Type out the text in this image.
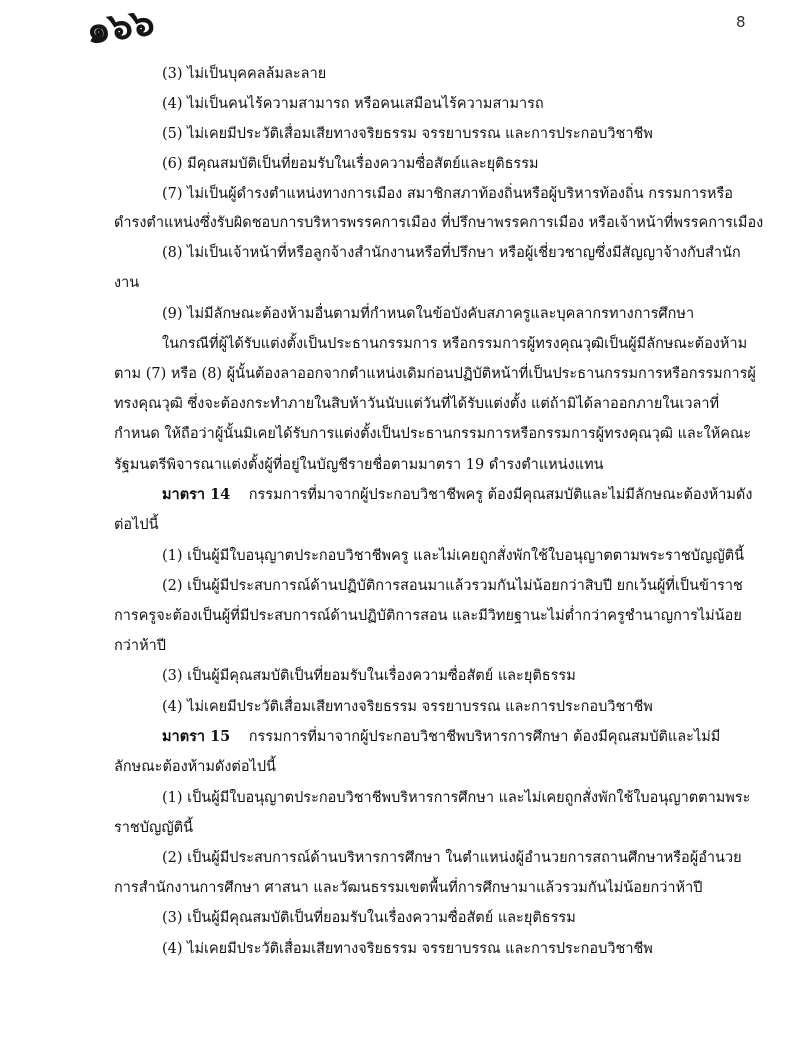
๑๖๖	8
(3) ไม่เป็นบุคคลล้มละลาย
(4) ไม่เป็นคนไร้ความสามารถ หรือคนเสมือนไร้ความสามารถ
(5) ไม่เคยมีประวัติเสื่อมเสียทางจริยธรรม จรรยาบรรณ และการประกอบวิชาชีพ
(6) มีคุณสมบัติเป็นที่ยอมรับในเรื่องความซื่อสัตย์และยุติธรรม
(7) ไม่เป็นผู้ดำรงตำแหน่งทางการเมือง สมาชิกสภาท้องถิ่นหรือผู้บริหารท้องถิ่น กรรมการหรือ
ดำรงตำแหน่งซึ่งรับผิดชอบการบริหารพรรคการเมือง ที่ปรึกษาพรรคการเมือง หรือเจ้าหน้าที่พรรคการเมือง
(8) ไม่เป็นเจ้าหน้าที่หรือลูกจ้างสำนักงานหรือที่ปรึกษา หรือผู้เชี่ยวชาญซึ่งมีสัญญาจ้างกับสำนัก
งาน
(9) ไม่มีลักษณะต้องห้ามอื่นตามที่กำหนดในข้อบังคับสภาครูและบุคลากรทางการศึกษา
ในกรณีที่ผู้ได้รับแต่งตั้งเป็นประธานกรรมการ หรือกรรมการผู้ทรงคุณวุฒิเป็นผู้มีลักษณะต้องห้าม
ตาม (7) หรือ (8) ผู้นั้นต้องลาออกจากตำแหน่งเดิมก่อนปฏิบัติหน้าที่เป็นประธานกรรมการหรือกรรมการผู้
ทรงคุณวุฒิ ซึ่งจะต้องกระทำภายในสิบห้าวันนับแต่วันที่ได้รับแต่งตั้ง แต่ถ้ามิได้ลาออกภายในเวลาที่
กำหนด ให้ถือว่าผู้นั้นมิเคยได้รับการแต่งตั้งเป็นประธานกรรมการหรือกรรมการผู้ทรงคุณวุฒิ และให้คณะ
รัฐมนตรีพิจารณาแต่งตั้งผู้ที่อยู่ในบัญชีรายชื่อตามมาตรา 19 ดำรงตำแหน่งแทน
มาตรา 14 กรรมการที่มาจากผู้ประกอบวิชาชีพครู ต้องมีคุณสมบัติและไม่มีลักษณะต้องห้ามดัง
ต่อไปนี้
(1) เป็นผู้มีใบอนุญาตประกอบวิชาชีพครู และไม่เคยถูกสั่งพักใช้ใบอนุญาตตามพระราชบัญญัตินี้
(2) เป็นผู้มีประสบการณ์ด้านปฏิบัติการสอนมาแล้วรวมกันไม่น้อยกว่าสิบปี ยกเว้นผู้ที่เป็นข้าราช
การครูจะต้องเป็นผู้ที่มีประสบการณ์ด้านปฏิบัติการสอน และมีวิทยฐานะไม่ต่ำกว่าครูชำนาญการไม่น้อย
กว่าห้าปี
(3) เป็นผู้มีคุณสมบัติเป็นที่ยอมรับในเรื่องความซื่อสัตย์ และยุติธรรม
(4) ไม่เคยมีประวัติเสื่อมเสียทางจริยธรรม จรรยาบรรณ และการประกอบวิชาชีพ
มาตรา 15 กรรมการที่มาจากผู้ประกอบวิชาชีพบริหารการศึกษา ต้องมีคุณสมบัติและไม่มี
ลักษณะต้องห้ามดังต่อไปนี้
(1) เป็นผู้มีใบอนุญาตประกอบวิชาชีพบริหารการศึกษา และไม่เคยถูกสั่งพักใช้ใบอนุญาตตามพระ
ราชบัญญัตินี้
(2) เป็นผู้มีประสบการณ์ด้านบริหารการศึกษา ในตำแหน่งผู้อำนวยการสถานศึกษาหรือผู้อำนวย
การสำนักงานการศึกษา ศาสนา และวัฒนธรรมเขตพื้นที่การศึกษามาแล้วรวมกันไม่น้อยกว่าห้าปี
(3) เป็นผู้มีคุณสมบัติเป็นที่ยอมรับในเรื่องความซื่อสัตย์ และยุติธรรม
(4) ไม่เคยมีประวัติเสื่อมเสียทางจริยธรรม จรรยาบรรณ และการประกอบวิชาชีพ
